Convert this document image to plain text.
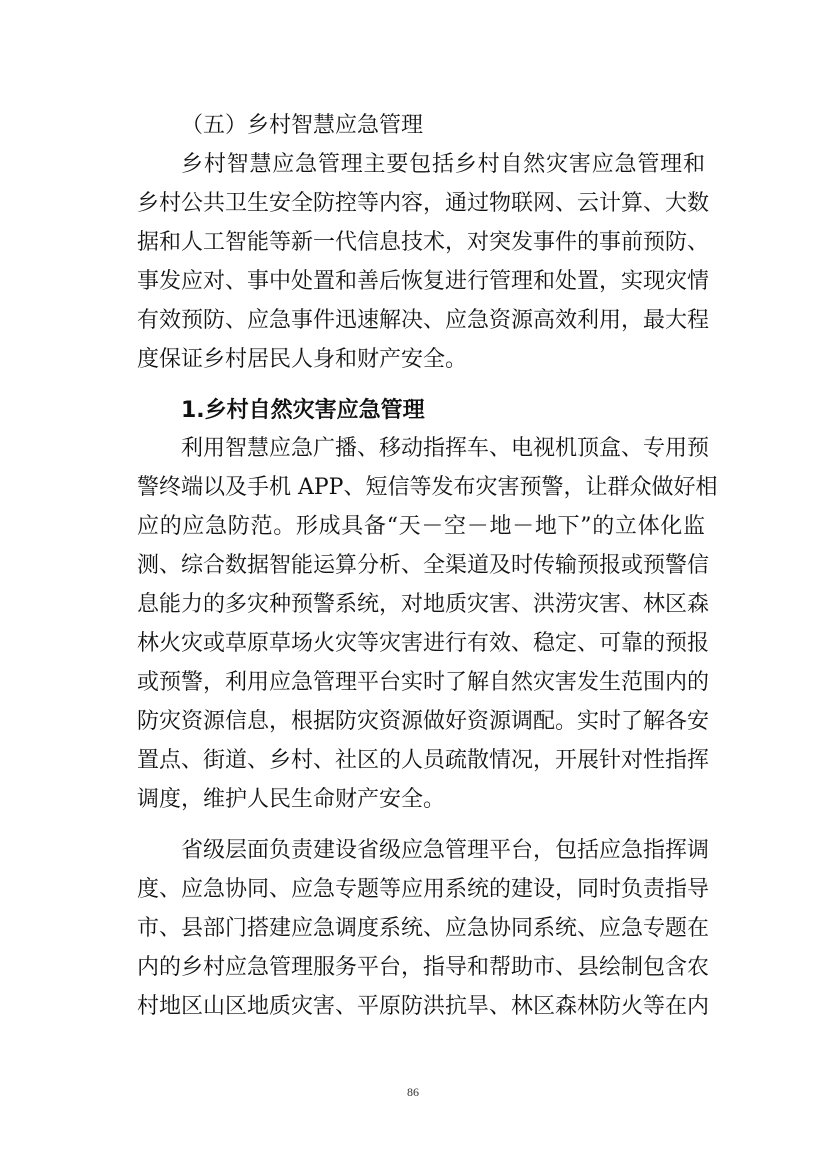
（五）乡村智慧应急管理
乡村智慧应急管理主要包括乡村自然灾害应急管理和
乡村公共卫生安全防控等内容，通过物联网、云计算、大数
据和人工智能等新一代信息技术，对突发事件的事前预防、
事发应对、事中处置和善后恢复进行管理和处置，实现灾情
有效预防、应急事件迅速解决、应急资源高效利用，最大程
度保证乡村居民人身和财产安全。
1.乡村自然灾害应急管理
利用智慧应急广播、移动指挥车、电视机顶盒、专用预
警终端以及手机 APP、短信等发布灾害预警，让群众做好相
应的应急防范。形成具备“天－空－地－地下”的立体化监
测、综合数据智能运算分析、全渠道及时传输预报或预警信
息能力的多灾种预警系统，对地质灾害、洪涝灾害、林区森
林火灾或草原草场火灾等灾害进行有效、稳定、可靠的预报
或预警，利用应急管理平台实时了解自然灾害发生范围内的
防灾资源信息，根据防灾资源做好资源调配。实时了解各安
置点、街道、乡村、社区的人员疏散情况，开展针对性指挥
调度，维护人民生命财产安全。
省级层面负责建设省级应急管理平台，包括应急指挥调
度、应急协同、应急专题等应用系统的建设，同时负责指导
市、县部门搭建应急调度系统、应急协同系统、应急专题在
内的乡村应急管理服务平台，指导和帮助市、县绘制包含农
村地区山区地质灾害、平原防洪抗旱、林区森林防火等在内
86
